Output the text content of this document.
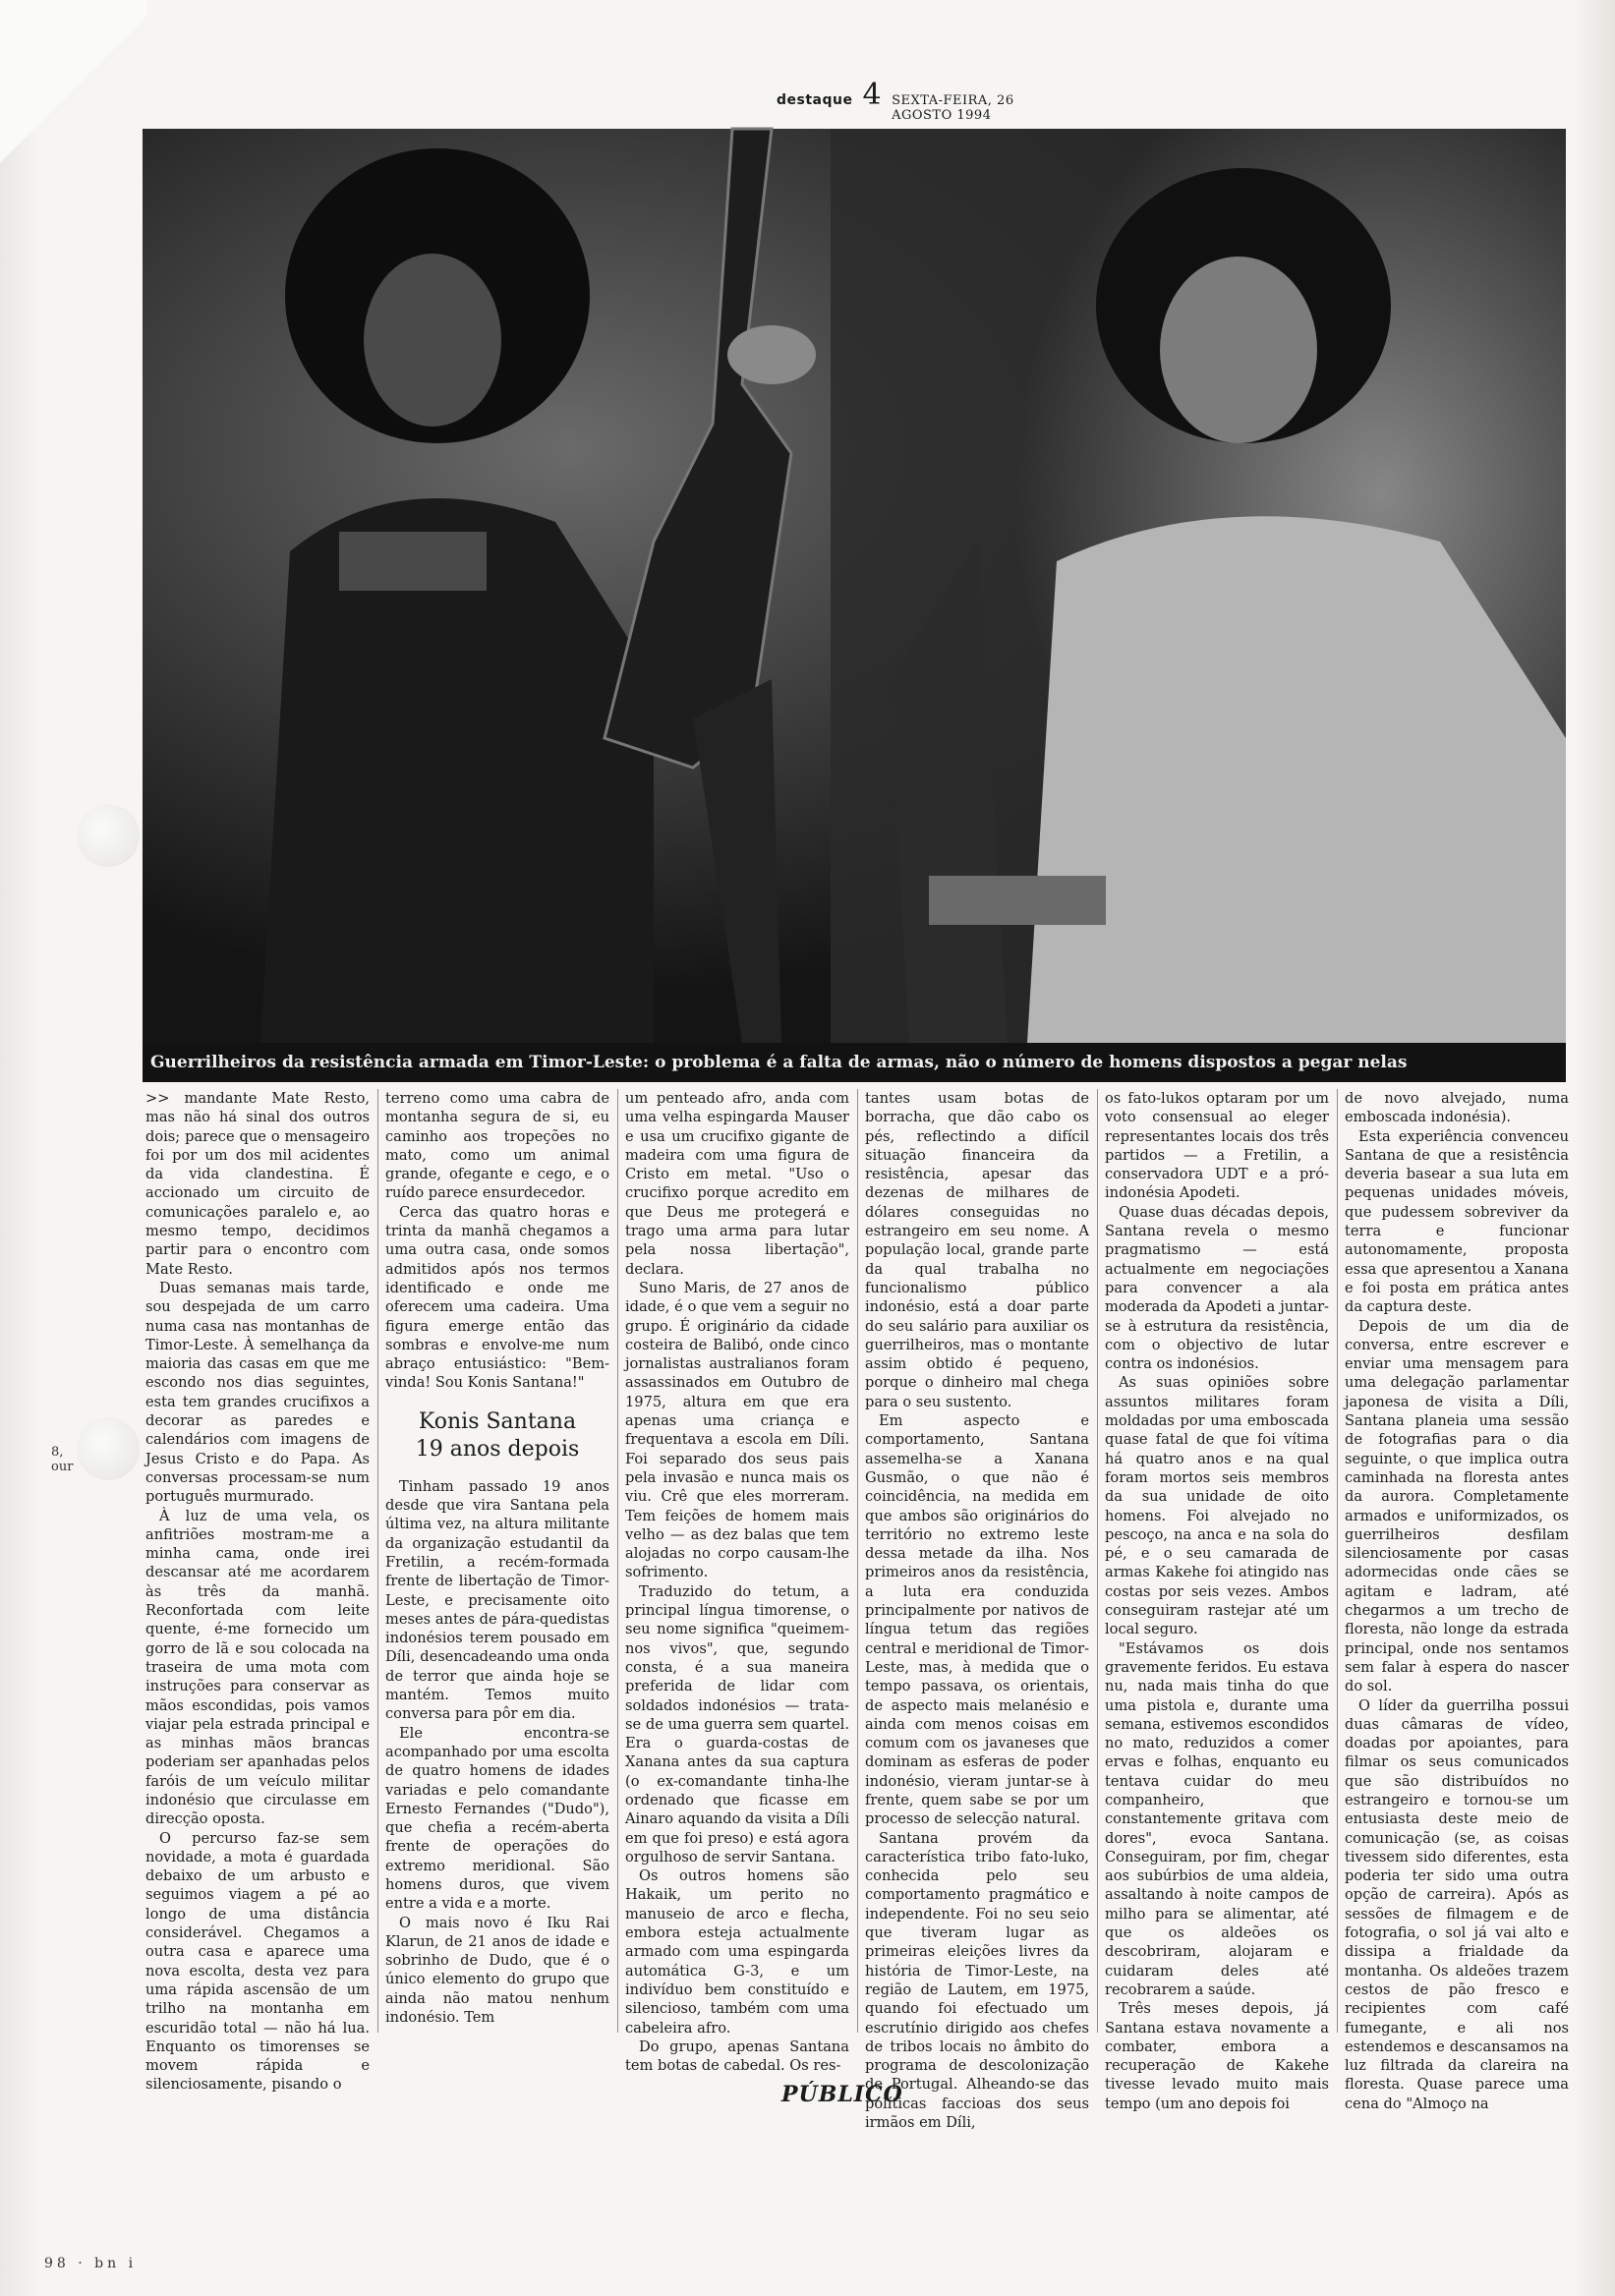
destaque 4 SEXTA-FEIRA, 26 AGOSTO 1994
Guerrilheiros da resistência armada em Timor-Leste: o problema é a falta de armas, não o número de homens dispostos a pegar nelas

>> mandante Mate Resto, mas não há sinal dos outros dois; parece que o mensageiro foi por um dos mil acidentes da vida clandestina. É accionado um circuito de comunicações paralelo e, ao mesmo tempo, decidimos partir para o encontro com Mate Resto.

Duas semanas mais tarde, sou despejada de um carro numa casa nas montanhas de Timor-Leste. À semelhança da maioria das casas em que me escondo nos dias seguintes, esta tem grandes crucifixos a decorar as paredes e calendários com imagens de Jesus Cristo e do Papa. As conversas processam-se num português murmurado.

À luz de uma vela, os anfitriões mostram-me a minha cama, onde irei descansar até me acordarem às três da manhã. Reconfortada com leite quente, é-me fornecido um gorro de lã e sou colocada na traseira de uma mota com instruções para conservar as mãos escondidas, pois vamos viajar pela estrada principal e as minhas mãos brancas poderiam ser apanhadas pelos faróis de um veículo militar indonésio que circulasse em direcção oposta.

O percurso faz-se sem novidade, a mota é guardada debaixo de um arbusto e seguimos viagem a pé ao longo de uma distância considerável. Chegamos a outra casa e aparece uma nova escolta, desta vez para uma rápida ascensão de um trilho na montanha em escuridão total — não há lua. Enquanto os timorenses se movem rápida e silenciosamente, pisando o

terreno como uma cabra de montanha segura de si, eu caminho aos tropeções no mato, como um animal grande, ofegante e cego, e o ruído parece ensurdecedor.

Cerca das quatro horas e trinta da manhã chegamos a uma outra casa, onde somos admitidos após nos termos identificado e onde me oferecem uma cadeira. Uma figura emerge então das sombras e envolve-me num abraço entusiástico: "Bem-vinda! Sou Konis Santana!"

Konis Santana
19 anos depois

Tinham passado 19 anos desde que vira Santana pela última vez, na altura militante da organização estudantil da Fretilin, a recém-formada frente de libertação de Timor-Leste, e precisamente oito meses antes de pára-quedistas indonésios terem pousado em Díli, desencadeando uma onda de terror que ainda hoje se mantém. Temos muito conversa para pôr em dia.

Ele encontra-se acompanhado por uma escolta de quatro homens de idades variadas e pelo comandante Ernesto Fernandes ("Dudo"), que chefia a recém-aberta frente de operações do extremo meridional. São homens duros, que vivem entre a vida e a morte.

O mais novo é Iku Rai Klarun, de 21 anos de idade e sobrinho de Dudo, que é o único elemento do grupo que ainda não matou nenhum indonésio. Tem

um penteado afro, anda com uma velha espingarda Mauser e usa um crucifixo gigante de madeira com uma figura de Cristo em metal. "Uso o crucifixo porque acredito em que Deus me protegerá e trago uma arma para lutar pela nossa libertação", declara.

Suno Maris, de 27 anos de idade, é o que vem a seguir no grupo. É originário da cidade costeira de Balibó, onde cinco jornalistas australianos foram assassinados em Outubro de 1975, altura em que era apenas uma criança e frequentava a escola em Díli. Foi separado dos seus pais pela invasão e nunca mais os viu. Crê que eles morreram. Tem feições de homem mais velho — as dez balas que tem alojadas no corpo causam-lhe sofrimento.

Traduzido do tetum, a principal língua timorense, o seu nome significa "queimem-nos vivos", que, segundo consta, é a sua maneira preferida de lidar com soldados indonésios — trata-se de uma guerra sem quartel. Era o guarda-costas de Xanana antes da sua captura (o ex-comandante tinha-lhe ordenado que ficasse em Ainaro aquando da visita a Díli em que foi preso) e está agora orgulhoso de servir Santana.

Os outros homens são Hakaik, um perito no manuseio de arco e flecha, embora esteja actualmente armado com uma espingarda automática G-3, e um indivíduo bem constituído e silencioso, também com uma cabeleira afro.

Do grupo, apenas Santana tem botas de cabedal. Os res-

tantes usam botas de borracha, que dão cabo os pés, reflectindo a difícil situação financeira da resistência, apesar das dezenas de milhares de dólares conseguidas no estrangeiro em seu nome. A população local, grande parte da qual trabalha no funcionalismo público indonésio, está a doar parte do seu salário para auxiliar os guerrilheiros, mas o montante assim obtido é pequeno, porque o dinheiro mal chega para o seu sustento.

Em aspecto e comportamento, Santana assemelha-se a Xanana Gusmão, o que não é coincidência, na medida em que ambos são originários do território no extremo leste dessa metade da ilha. Nos primeiros anos da resistência, a luta era conduzida principalmente por nativos de língua tetum das regiões central e meridional de Timor-Leste, mas, à medida que o tempo passava, os orientais, de aspecto mais melanésio e ainda com menos coisas em comum com os javaneses que dominam as esferas de poder indonésio, vieram juntar-se à frente, quem sabe se por um processo de selecção natural.

Santana provém da característica tribo fato-luko, conhecida pelo seu comportamento pragmático e independente. Foi no seu seio que tiveram lugar as primeiras eleições livres da história de Timor-Leste, na região de Lautem, em 1975, quando foi efectuado um escrutínio dirigido aos chefes de tribos locais no âmbito do programa de descolonização de Portugal. Alheando-se das políticas faccioas dos seus irmãos em Díli,

os fato-lukos optaram por um voto consensual ao eleger representantes locais dos três partidos — a Fretilin, a conservadora UDT e a pró-indonésia Apodeti.

Quase duas décadas depois, Santana revela o mesmo pragmatismo — está actualmente em negociações para convencer a ala moderada da Apodeti a juntar-se à estrutura da resistência, com o objectivo de lutar contra os indonésios.

As suas opiniões sobre assuntos militares foram moldadas por uma emboscada quase fatal de que foi vítima há quatro anos e na qual foram mortos seis membros da sua unidade de oito homens. Foi alvejado no pescoço, na anca e na sola do pé, e o seu camarada de armas Kakehe foi atingido nas costas por seis vezes. Ambos conseguiram rastejar até um local seguro.

"Estávamos os dois gravemente feridos. Eu estava nu, nada mais tinha do que uma pistola e, durante uma semana, estivemos escondidos no mato, reduzidos a comer ervas e folhas, enquanto eu tentava cuidar do meu companheiro, que constantemente gritava com dores", evoca Santana. Conseguiram, por fim, chegar aos subúrbios de uma aldeia, assaltando à noite campos de milho para se alimentar, até que os aldeões os descobriram, alojaram e cuidaram deles até recobrarem a saúde.

Três meses depois, já Santana estava novamente a combater, embora a recuperação de Kakehe tivesse levado muito mais tempo (um ano depois foi

de novo alvejado, numa emboscada indonésia).

Esta experiência convenceu Santana de que a resistência deveria basear a sua luta em pequenas unidades móveis, que pudessem sobreviver da terra e funcionar autonomamente, proposta essa que apresentou a Xanana e foi posta em prática antes da captura deste.

Depois de um dia de conversa, entre escrever e enviar uma mensagem para uma delegação parlamentar japonesa de visita a Díli, Santana planeia uma sessão de fotografias para o dia seguinte, o que implica outra caminhada na floresta antes da aurora. Completamente armados e uniformizados, os guerrilheiros desfilam silenciosamente por casas adormecidas onde cães se agitam e ladram, até chegarmos a um trecho de floresta, não longe da estrada principal, onde nos sentamos sem falar à espera do nascer do sol.

O líder da guerrilha possui duas câmaras de vídeo, doadas por apoiantes, para filmar os seus comunicados que são distribuídos no estrangeiro e tornou-se um entusiasta deste meio de comunicação (se, as coisas tivessem sido diferentes, esta poderia ter sido uma outra opção de carreira). Após as sessões de filmagem e de fotografia, o sol já vai alto e dissipa a frialdade da montanha. Os aldeões trazem cestos de pão fresco e recipientes com café fumegante, e ali nos estendemos e descansamos na luz filtrada da clareira na floresta. Quase parece uma cena do "Almoço na

PÚBLICO
8,
our
98 · bn i
